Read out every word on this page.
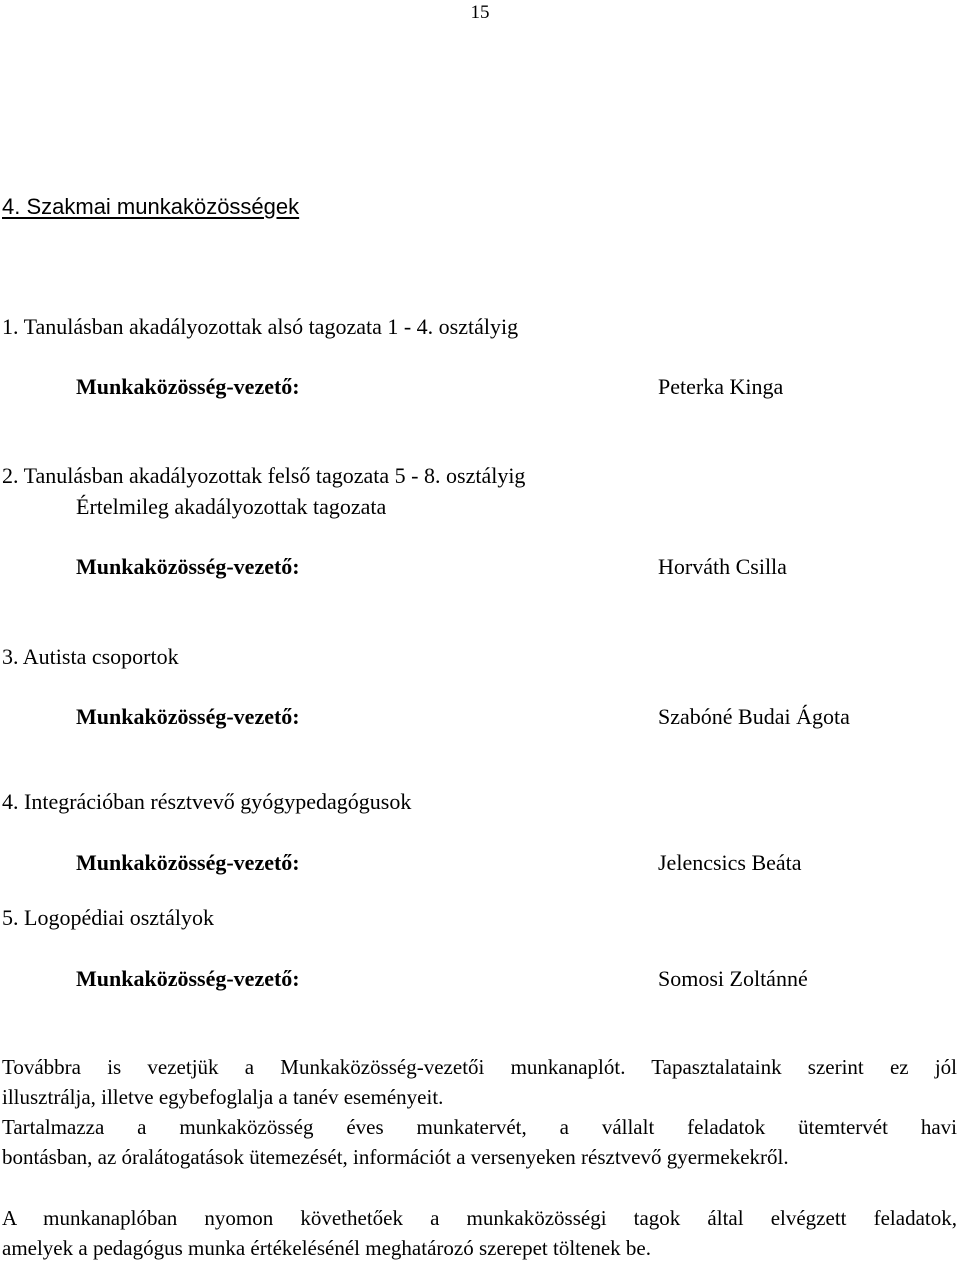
15
4. Szakmai munkaközösségek
1. Tanulásban akadályozottak alsó tagozata 1 - 4. osztályig
Munkaközösség-vezető:	Peterka Kinga
2. Tanulásban akadályozottak felső tagozata 5 - 8. osztályig
Értelmileg akadályozottak tagozata
Munkaközösség-vezető:	Horváth Csilla
3. Autista csoportok
Munkaközösség-vezető:	Szabóné Budai Ágota
4. Integrációban résztvevő gyógypedagógusok
Munkaközösség-vezető:	Jelencsics Beáta
5. Logopédiai osztályok
Munkaközösség-vezető:	Somosi Zoltánné
Továbbra is vezetjük a Munkaközösség-vezetői munkanaplót. Tapasztalataink szerint ez jól
illusztrálja, illetve egybefoglalja a tanév eseményeit.
Tartalmazza a munkaközösség éves munkatervét, a vállalt feladatok ütemtervét havi
bontásban, az óralátogatások ütemezését, információt a versenyeken résztvevő gyermekekről.
A munkanaplóban nyomon követhetőek a munkaközösségi tagok által elvégzett feladatok,
amelyek a pedagógus munka értékelésénél meghatározó szerepet töltenek be.
